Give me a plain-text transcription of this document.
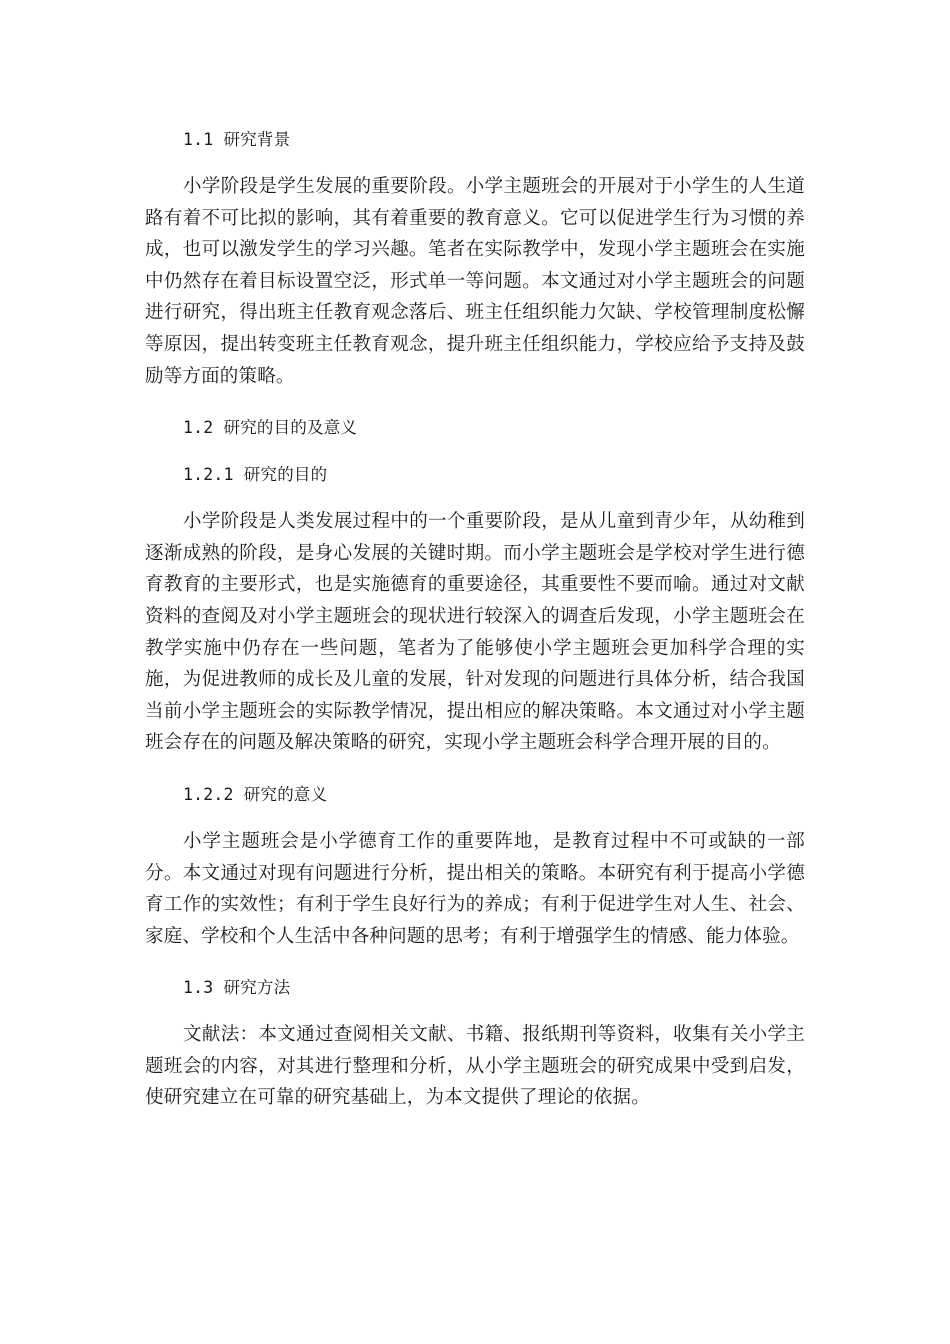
1.1 研究背景

小学阶段是学生发展的重要阶段。小学主题班会的开展对于小学生的人生道路有着不可比拟的影响，其有着重要的教育意义。它可以促进学生行为习惯的养成，也可以激发学生的学习兴趣。笔者在实际教学中，发现小学主题班会在实施中仍然存在着目标设置空泛，形式单一等问题。本文通过对小学主题班会的问题进行研究，得出班主任教育观念落后、班主任组织能力欠缺、学校管理制度松懈等原因，提出转变班主任教育观念，提升班主任组织能力，学校应给予支持及鼓励等方面的策略。

1.2 研究的目的及意义
1.2.1 研究的目的

小学阶段是人类发展过程中的一个重要阶段，是从儿童到青少年，从幼稚到逐渐成熟的阶段，是身心发展的关键时期。而小学主题班会是学校对学生进行德育教育的主要形式，也是实施德育的重要途径，其重要性不要而喻。通过对文献资料的查阅及对小学主题班会的现状进行较深入的调查后发现，小学主题班会在教学实施中仍存在一些问题，笔者为了能够使小学主题班会更加科学合理的实施，为促进教师的成长及儿童的发展，针对发现的问题进行具体分析，结合我国当前小学主题班会的实际教学情况，提出相应的解决策略。本文通过对小学主题班会存在的问题及解决策略的研究，实现小学主题班会科学合理开展的目的。

1.2.2 研究的意义

小学主题班会是小学德育工作的重要阵地，是教育过程中不可或缺的一部分。本文通过对现有问题进行分析，提出相关的策略。本研究有利于提高小学德育工作的实效性；有利于学生良好行为的养成；有利于促进学生对人生、社会、家庭、学校和个人生活中各种问题的思考；有利于增强学生的情感、能力体验。

1.3 研究方法

文献法：本文通过查阅相关文献、书籍、报纸期刊等资料，收集有关小学主题班会的内容，对其进行整理和分析，从小学主题班会的研究成果中受到启发，使研究建立在可靠的研究基础上，为本文提供了理论的依据。
